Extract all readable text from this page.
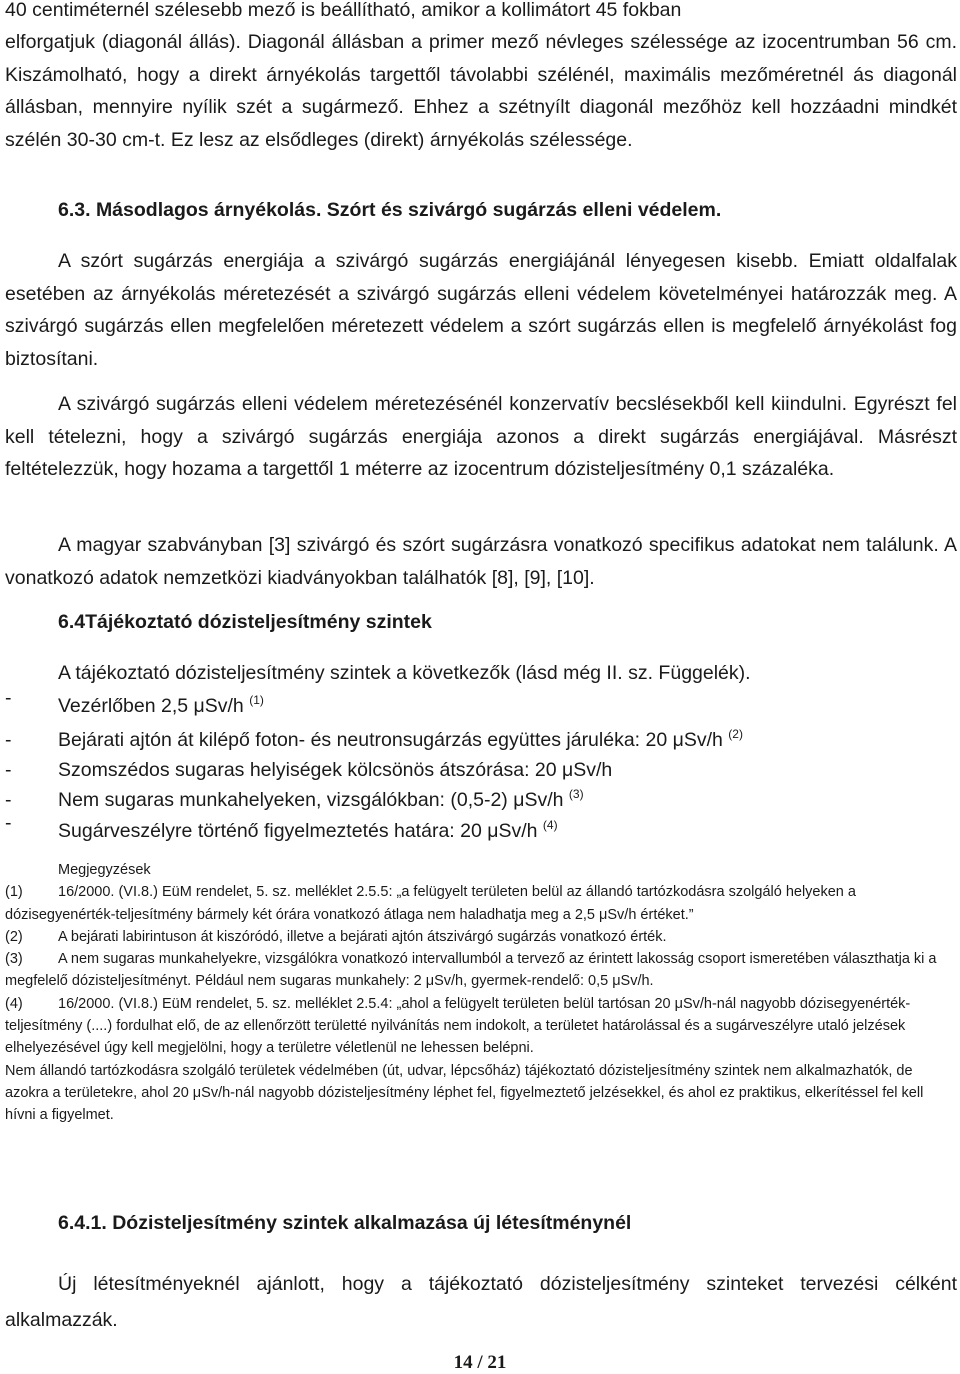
40 centiméternél szélesebb mező is beállítható, amikor a kollimátort 45 fokban

elforgatjuk (diagonál állás). Diagonál állásban a primer mező névleges szélessége az izocentrumban 56 cm. Kiszámolható, hogy a direkt árnyékolás targettől távolabbi szélénél, maximális mezőméretnél ás diagonál állásban, mennyire nyílik szét a sugármező. Ehhez a szétnyílt diagonál mezőhöz kell hozzáadni mindkét szélén 30-30 cm-t. Ez lesz az elsődleges (direkt) árnyékolás szélessége.

6.3. Másodlagos árnyékolás. Szórt és szivárgó sugárzás elleni védelem.

A szórt sugárzás energiája a szivárgó sugárzás energiájánál lényegesen kisebb. Emiatt oldalfalak esetében az árnyékolás méretezését a szivárgó sugárzás elleni védelem követelményei határozzák meg. A szivárgó sugárzás ellen megfelelően méretezett védelem a szórt sugárzás ellen is megfelelő árnyékolást fog biztosítani.

A szivárgó sugárzás elleni védelem méretezésénél konzervatív becslésekből kell kiindulni. Egyrészt fel kell tételezni, hogy a szivárgó sugárzás energiája azonos a direkt sugárzás energiájával. Másrészt feltételezzük, hogy hozama a targettől 1 méterre az izocentrum dózisteljesítmény 0,1 százaléka.

A magyar szabványban [3] szivárgó és szórt sugárzásra vonatkozó specifikus adatokat nem találunk. A vonatkozó adatok nemzetközi kiadványokban találhatók [8], [9], [10].

6.4Tájékoztató dózisteljesítmény szintek

A tájékoztató dózisteljesítmény szintek a következők (lásd még II. sz. Függelék).

- Vezérlőben 2,5 μSv/h $^{(1)}$
- Bejárati ajtón át kilépő foton- és neutronsugárzás együttes járuléka: 20 μSv/h $^{(2)}$
- Szomszédos sugaras helyiségek kölcsönös átszórása: 20 μSv/h
- Nem sugaras munkahelyeken, vizsgálókban: (0,5-2) μSv/h $^{(3)}$
- Sugárveszélyre történő figyelmeztetés határa: 20 μSv/h $^{(4)}$
Megjegyzések
(1) 16/2000. (VI.8.) EüM rendelet, 5. sz. melléklet 2.5.5: „a felügyelt területen belül az állandó tartózkodásra szolgáló helyeken a dózisegyenérték-teljesítmény bármely két órára vonatkozó átlaga nem haladhatja meg a 2,5 μSv/h értéket.”
(2) A bejárati labirintuson át kiszóródó, illetve a bejárati ajtón átszivárgó sugárzás vonatkozó érték.
(3) A nem sugaras munkahelyekre, vizsgálókra vonatkozó intervallumból a tervező az érintett lakosság csoport ismeretében választhatja ki a megfelelő dózisteljesítményt. Például nem sugaras munkahely: 2 μSv/h, gyermek-rendelő: 0,5 μSv/h.
(4) 16/2000. (VI.8.) EüM rendelet, 5. sz. melléklet 2.5.4: „ahol a felügyelt területen belül tartósan 20 μSv/h-nál nagyobb dózisegyenérték-teljesítmény (....) fordulhat elő, de az ellenőrzött területté nyilvánítás nem indokolt, a területet határolással és a sugárveszélyre utaló jelzések elhelyezésével úgy kell megjelölni, hogy a területre véletlenül ne lehessen belépni.
Nem állandó tartózkodásra szolgáló területek védelmében (út, udvar, lépcsőház) tájékoztató dózisteljesítmény szintek nem alkalmazhatók, de azokra a területekre, ahol 20 μSv/h-nál nagyobb dózisteljesítmény léphet fel, figyelmeztető jelzésekkel, és ahol ez praktikus, elkerítéssel fel kell hívni a figyelmet.

6.4.1. Dózisteljesítmény szintek alkalmazása új létesítménynél

Új létesítményeknél ajánlott, hogy a tájékoztató dózisteljesítmény szinteket tervezési célként alkalmazzák.

14 / 21
